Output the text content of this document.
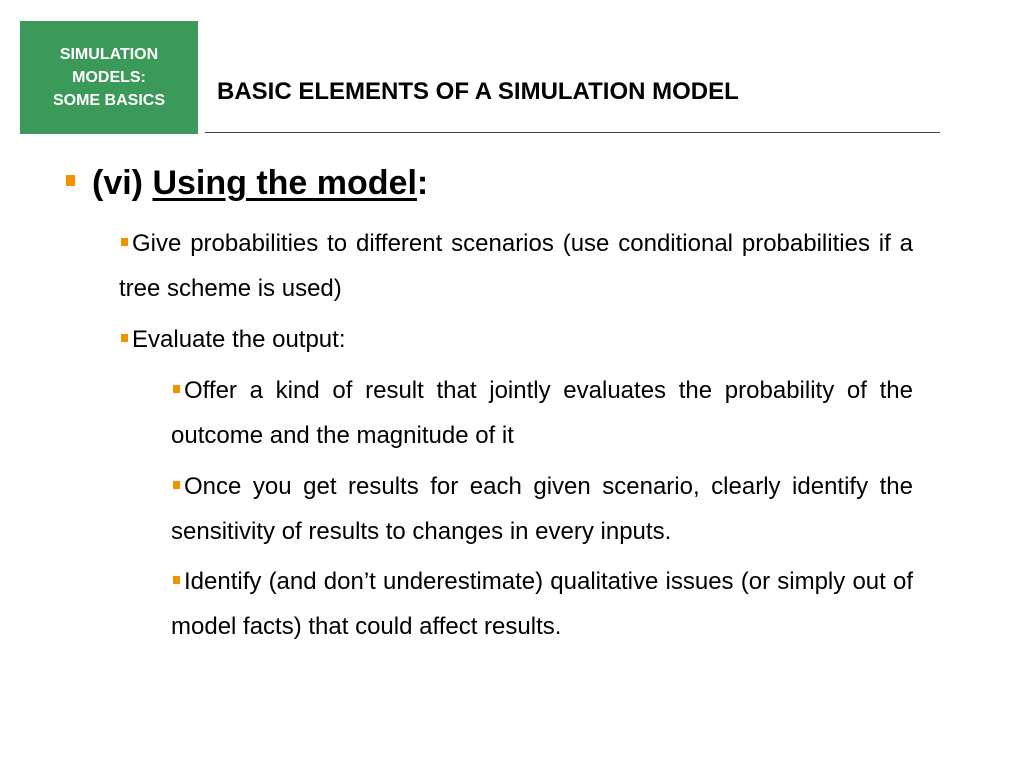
SIMULATION
MODELS:
SOME BASICS	BASIC ELEMENTS OF A SIMULATION MODEL
(vi) Using the model:
Give probabilities to different scenarios (use conditional probabilities if a tree scheme is used)
Evaluate the output:
Offer a kind of result that jointly evaluates the probability of the outcome and the magnitude of it
Once you get results for each given scenario, clearly identify the sensitivity of results to changes in every inputs.
Identify (and don’t underestimate) qualitative issues (or simply out of model facts) that could affect results.
